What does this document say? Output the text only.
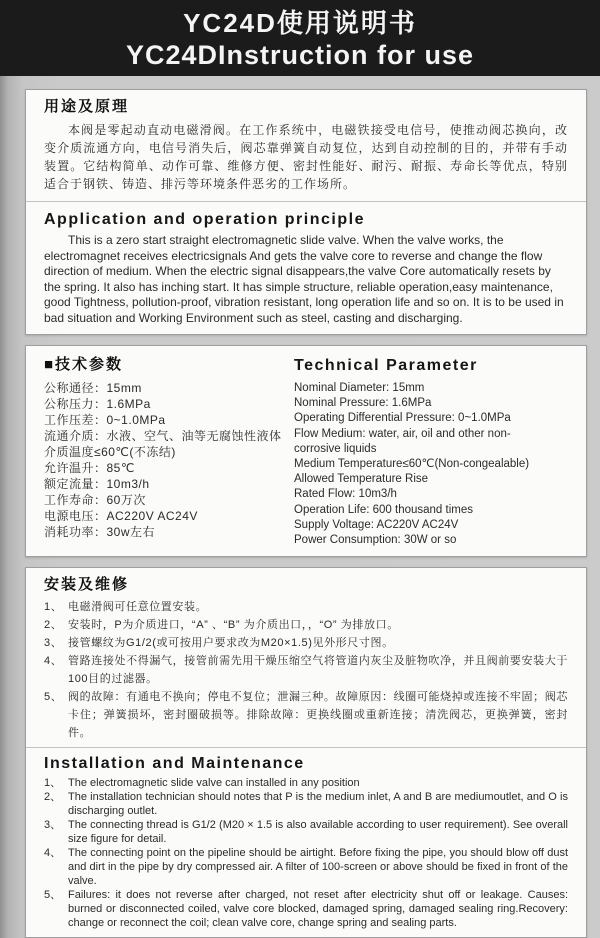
YC24D使用说明书
YC24DInstruction for use
用途及原理

本阀是零起动直动电磁滑阀。在工作系统中，电磁铁接受电信号，使推动阀芯换向，改变介质流通方向，电信号消失后，阀芯靠弹簧自动复位，达到自动控制的目的，并带有手动装置。它结构简单、动作可靠、维修方便、密封性能好、耐污、耐振、寿命长等优点，特别适合于钢铁、铸造、排污等环境条件恶劣的工作场所。

Application and operation principle

This is a zero start straight electromagnetic slide valve. When the valve works, the electromagnet receives electricsignals And gets the valve core to reverse and change the flow direction of medium. When the electric signal disappears,the valve Core automatically resets by the spring. It also has inching start. It has simple structure, reliable operation,easy maintenance, good Tightness, pollution-proof, vibration resistant, long operation life and so on. It is to be used in bad situation and Working Environment such as steel, casting and discharging.

■技术参数
公称通径：15mm
公称压力：1.6MPa
工作压差：0~1.0MPa
流通介质：水液、空气、油等无腐蚀性液体
介质温度≤60℃(不冻结)
允许温升：85℃
额定流量：10m3/h
工作寿命：60万次
电源电压：AC220V AC24V
消耗功率：30w左右
Technical Parameter
Nominal Diameter: 15mm
Nominal Pressure: 1.6MPa
Operating Differential Pressure: 0~1.0MPa
Flow Medium: water, air, oil and other non-
corrosive liquids
Medium Temperature≤60℃(Non-congealable)
Allowed Temperature Rise
Rated Flow: 10m3/h
Operation Life: 600 thousand times
Supply Voltage: AC220V AC24V
Power Consumption: 30W or so
安装及维修
1、 电磁滑阀可任意位置安装。
2、 安装时，P为介质进口，“A” 、“B” 为介质出口，，“O” 为排放口。
3、 接管螺纹为G1/2(或可按用户要求改为M20×1.5)见外形尺寸图。
4、 管路连接处不得漏气，接管前需先用干燥压缩空气将管道内灰尘及脏物吹净，并且阀前要安装大于100目的过滤器。
5、 阀的故障：有通电不换向；停电不复位；泄漏三种。故障原因：线圈可能烧掉或连接不牢固；阀芯卡住；弹簧损坏，密封圈破损等。排除故障：更换线圈或重新连接；清洗阀芯，更换弹簧，密封件。
Installation and Maintenance
1、 The electromagnetic slide valve can installed in any position
2、 The installation technician should notes that P is the medium inlet, A and B are mediumoutlet, and O is discharging outlet.
3、 The connecting thread is G1/2 (M20 × 1.5 is also available according to user requirement). See overall size figure for detail.
4、 The connecting point on the pipeline should be airtight. Before fixing the pipe, you should blow off dust and dirt in the pipe by dry compressed air. A filter of 100-screen or above should be fixed in front of the valve.
5、 Failures: it does not reverse after charged, not reset after electricity shut off or leakage. Causes: burned or disconnected coiled, valve core blocked, damaged spring, damaged sealing ring.Recovery: change or reconnect the coil; clean valve core, change spring and sealing parts.
